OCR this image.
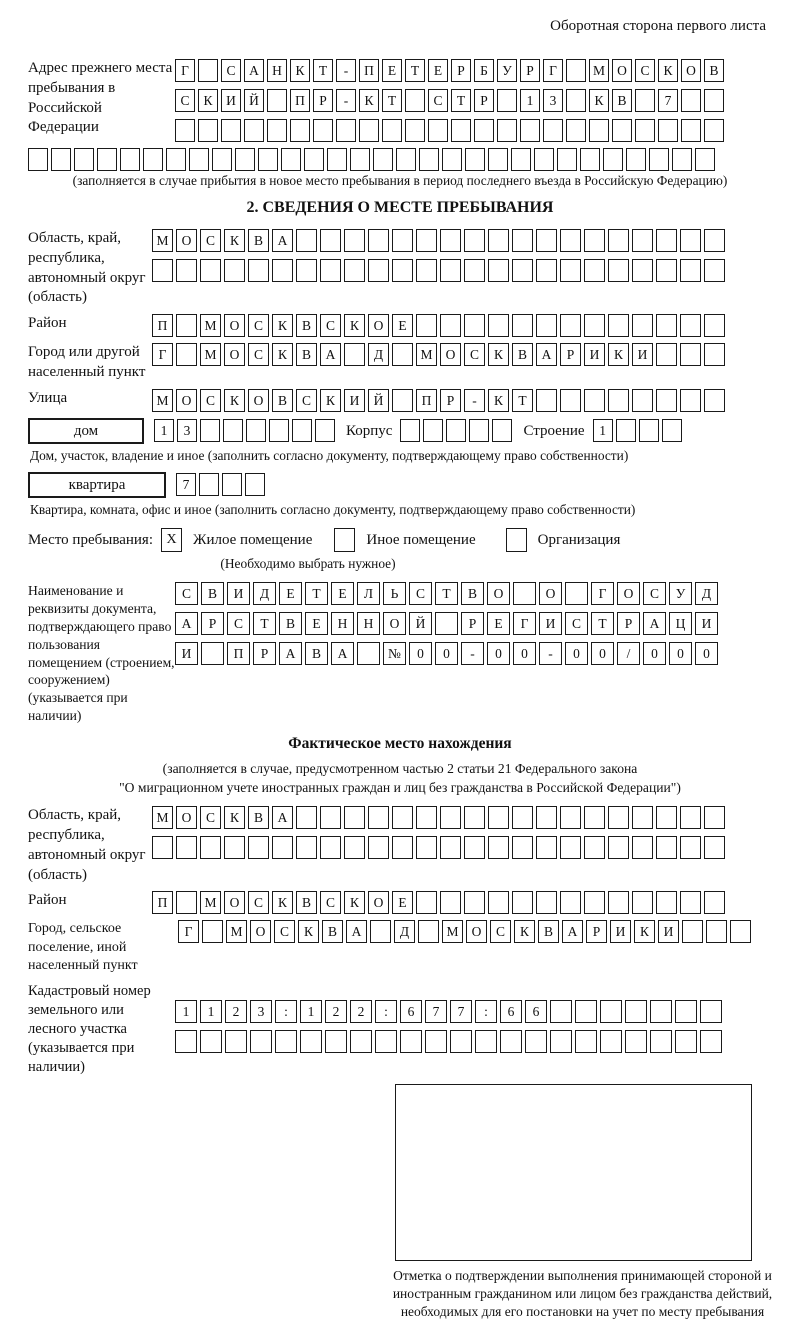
Оборотная сторона первого листа
Адрес прежнего места пребывания в Российской Федерации
Г	С	А Н	К	Т	-	П	Е	Т	Е	Р	Б	У	Р	Г	М О	С	К	О	В
С	К	И Й	П	Р	-	К	Т	С	Т	Р	1	3	К	В	7
(заполняется в случае прибытия в новое место пребывания в период последнего въезда в Российскую Федерацию)
2. СВЕДЕНИЯ О МЕСТЕ ПРЕБЫВАНИЯ
Область, край, республика, автономный округ (область)
М О	С	К	В	А
Район	П	М О	С	К	В	С	К	О	Е
Город или другой населенный пункт
Г	М О	С	К	В	А	Д	М О	С	К	В	А	Р	И	К	И
Улица	М О	С	К	О	В	С	К	И	Й	П	Р	-	К	Т
дом	1	3	Корпус	Строение	1
Дом, участок, владение и иное (заполнить согласно документу, подтверждающему право собственности)
квартира	7
Квартира, комната, офис и иное (заполнить согласно документу, подтверждающему право собственности)
Место пребывания: X	Жилое помещение	Иное помещение	Организация
(Необходимо выбрать нужное)
Наименование и реквизиты документа, подтверждающего право пользования помещением (строением, сооружением) (указывается при наличии)
С	В	И	Д	Е	Т	Е	Л	Ь	С	Т	В	О	О	Г	О	С	У	Д
А	Р	С	Т	В	Е	Н	Н	О	Й	Р	Е	Г	И	С	Т	Р	А	Ц	И
И	П	Р	А	В	А	№	0	0	-	0	0	-	0	0	/	0	0	0
Фактическое место нахождения
(заполняется в случае, предусмотренном частью 2 статьи 21 Федерального закона
"О миграционном учете иностранных граждан и лиц без гражданства в Российской Федерации")
Область, край, республика, автономный округ (область)
М О	С	К	В	А
Район	П	М О	С	К	В	С	К	О	Е
Город, сельское поселение, иной населенный пункт
Г	М О	С	К	В	А	Д	М О	С	К	В	А	Р	И	К	И
Кадастровый номер земельного или лесного участка (указывается при наличии)
1	1	2	3	:	1	2	2	:	6	7	7	:	6	6
Отметка о подтверждении выполнения принимающей стороной и иностранным гражданином или лицом без гражданства действий, необходимых для его постановки на учет по месту пребывания
